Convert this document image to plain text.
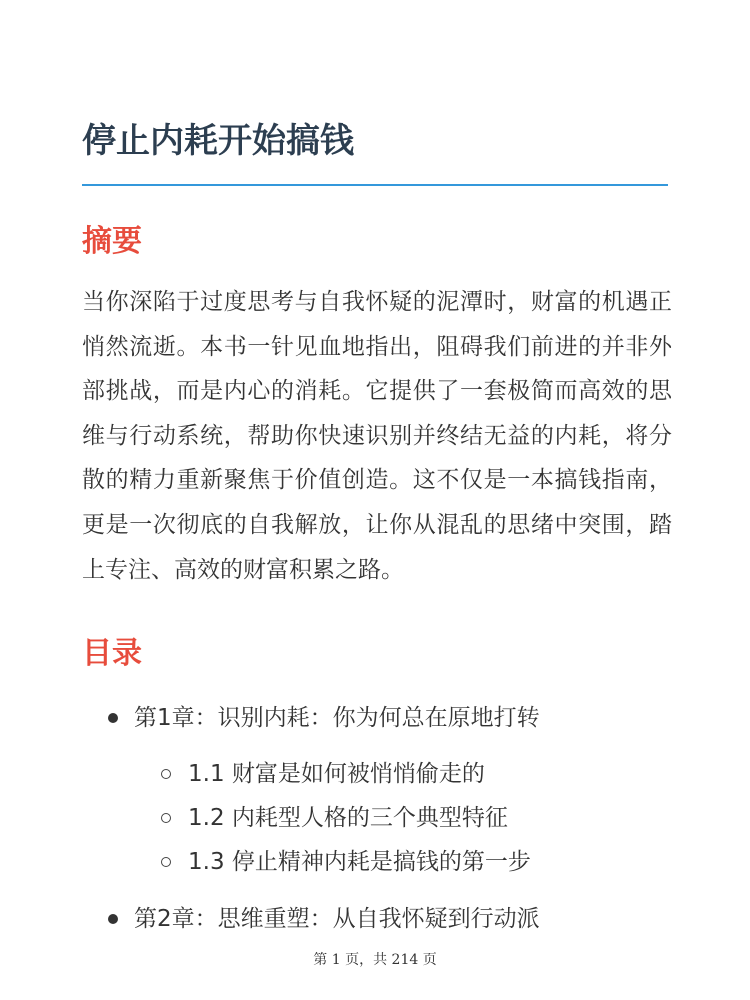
停止内耗开始搞钱
摘要

当你深陷于过度思考与自我怀疑的泥潭时，财富的机遇正悄然流逝。本书一针见血地指出，阻碍我们前进的并非外部挑战，而是内心的消耗。它提供了一套极简而高效的思维与行动系统，帮助你快速识别并终结无益的内耗，将分散的精力重新聚焦于价值创造。这不仅是一本搞钱指南，更是一次彻底的自我解放，让你从混乱的思绪中突围，踏上专注、高效的财富积累之路。

目录
第1章：识别内耗：你为何总在原地打转
1.1 财富是如何被悄悄偷走的
1.2 内耗型人格的三个典型特征
1.3 停止精神内耗是搞钱的第一步
第2章：思维重塑：从自我怀疑到行动派
第 1 页，共 214 页
